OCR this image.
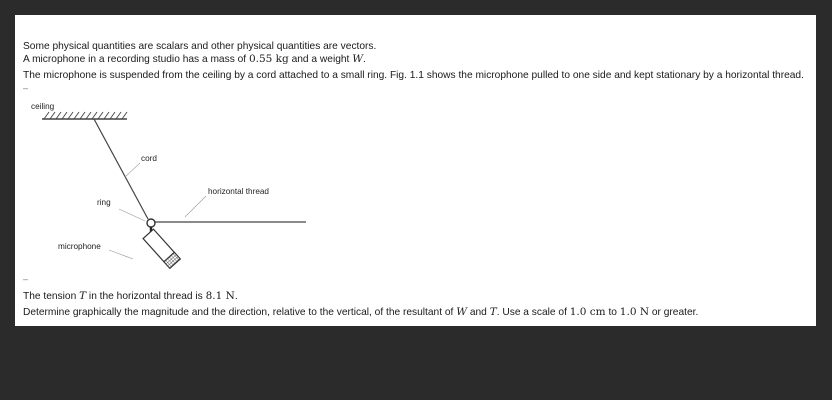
Some physical quantities are scalars and other physical quantities are vectors.
A microphone in a recording studio has a mass of 0.55 kg and a weight W.
The microphone is suspended from the ceiling by a cord attached to a small ring. Fig. 1.1 shows the microphone pulled to one side and kept stationary by a horizontal thread.
–
ceiling
cord
horizontal thread
ring
microphone
–
The tension T in the horizontal thread is 8.1 N.
Determine graphically the magnitude and the direction, relative to the vertical, of the resultant of W and T. Use a scale of 1.0 cm to 1.0 N or greater.
